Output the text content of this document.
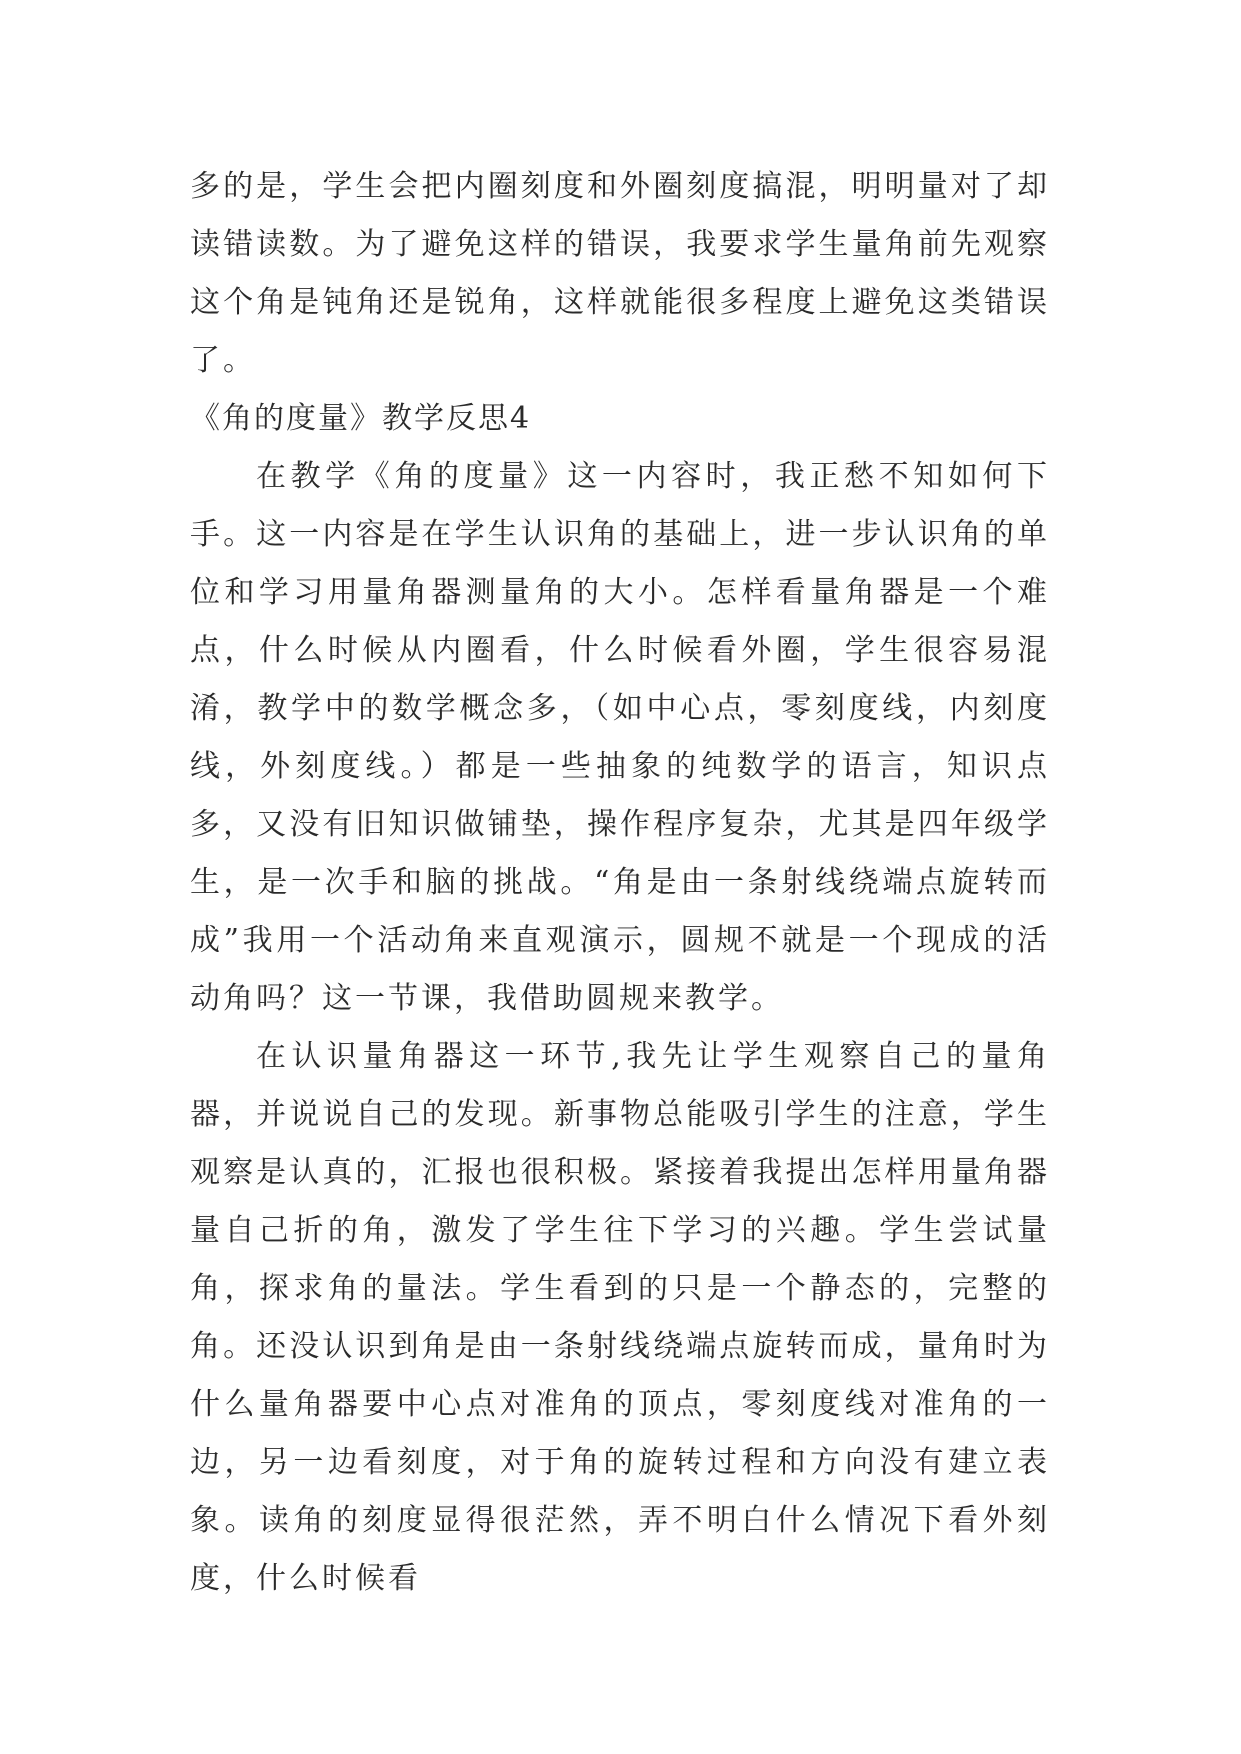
多的是，学生会把内圈刻度和外圈刻度搞混，明明量对了却读错读数。为了避免这样的错误，我要求学生量角前先观察这个角是钝角还是锐角，这样就能很多程度上避免这类错误了。

《角的度量》教学反思4

在教学《角的度量》这一内容时，我正愁不知如何下手。这一内容是在学生认识角的基础上，进一步认识角的单位和学习用量角器测量角的大小。怎样看量角器是一个难点，什么时候从内圈看，什么时候看外圈，学生很容易混淆，教学中的数学概念多，（如中心点，零刻度线，内刻度线，外刻度线。）都是一些抽象的纯数学的语言，知识点多，又没有旧知识做铺垫，操作程序复杂，尤其是四年级学生，是一次手和脑的挑战。“角是由一条射线绕端点旋转而成”我用一个活动角来直观演示，圆规不就是一个现成的活动角吗？这一节课，我借助圆规来教学。

在认识量角器这一环节,我先让学生观察自己的量角器，并说说自己的发现。新事物总能吸引学生的注意，学生观察是认真的，汇报也很积极。紧接着我提出怎样用量角器量自己折的角，激发了学生往下学习的兴趣。学生尝试量角，探求角的量法。学生看到的只是一个静态的，完整的角。还没认识到角是由一条射线绕端点旋转而成，量角时为什么量角器要中心点对准角的顶点，零刻度线对准角的一边，另一边看刻度，对于角的旋转过程和方向没有建立表象。读角的刻度显得很茫然，弄不明白什么情况下看外刻度，什么时候看
